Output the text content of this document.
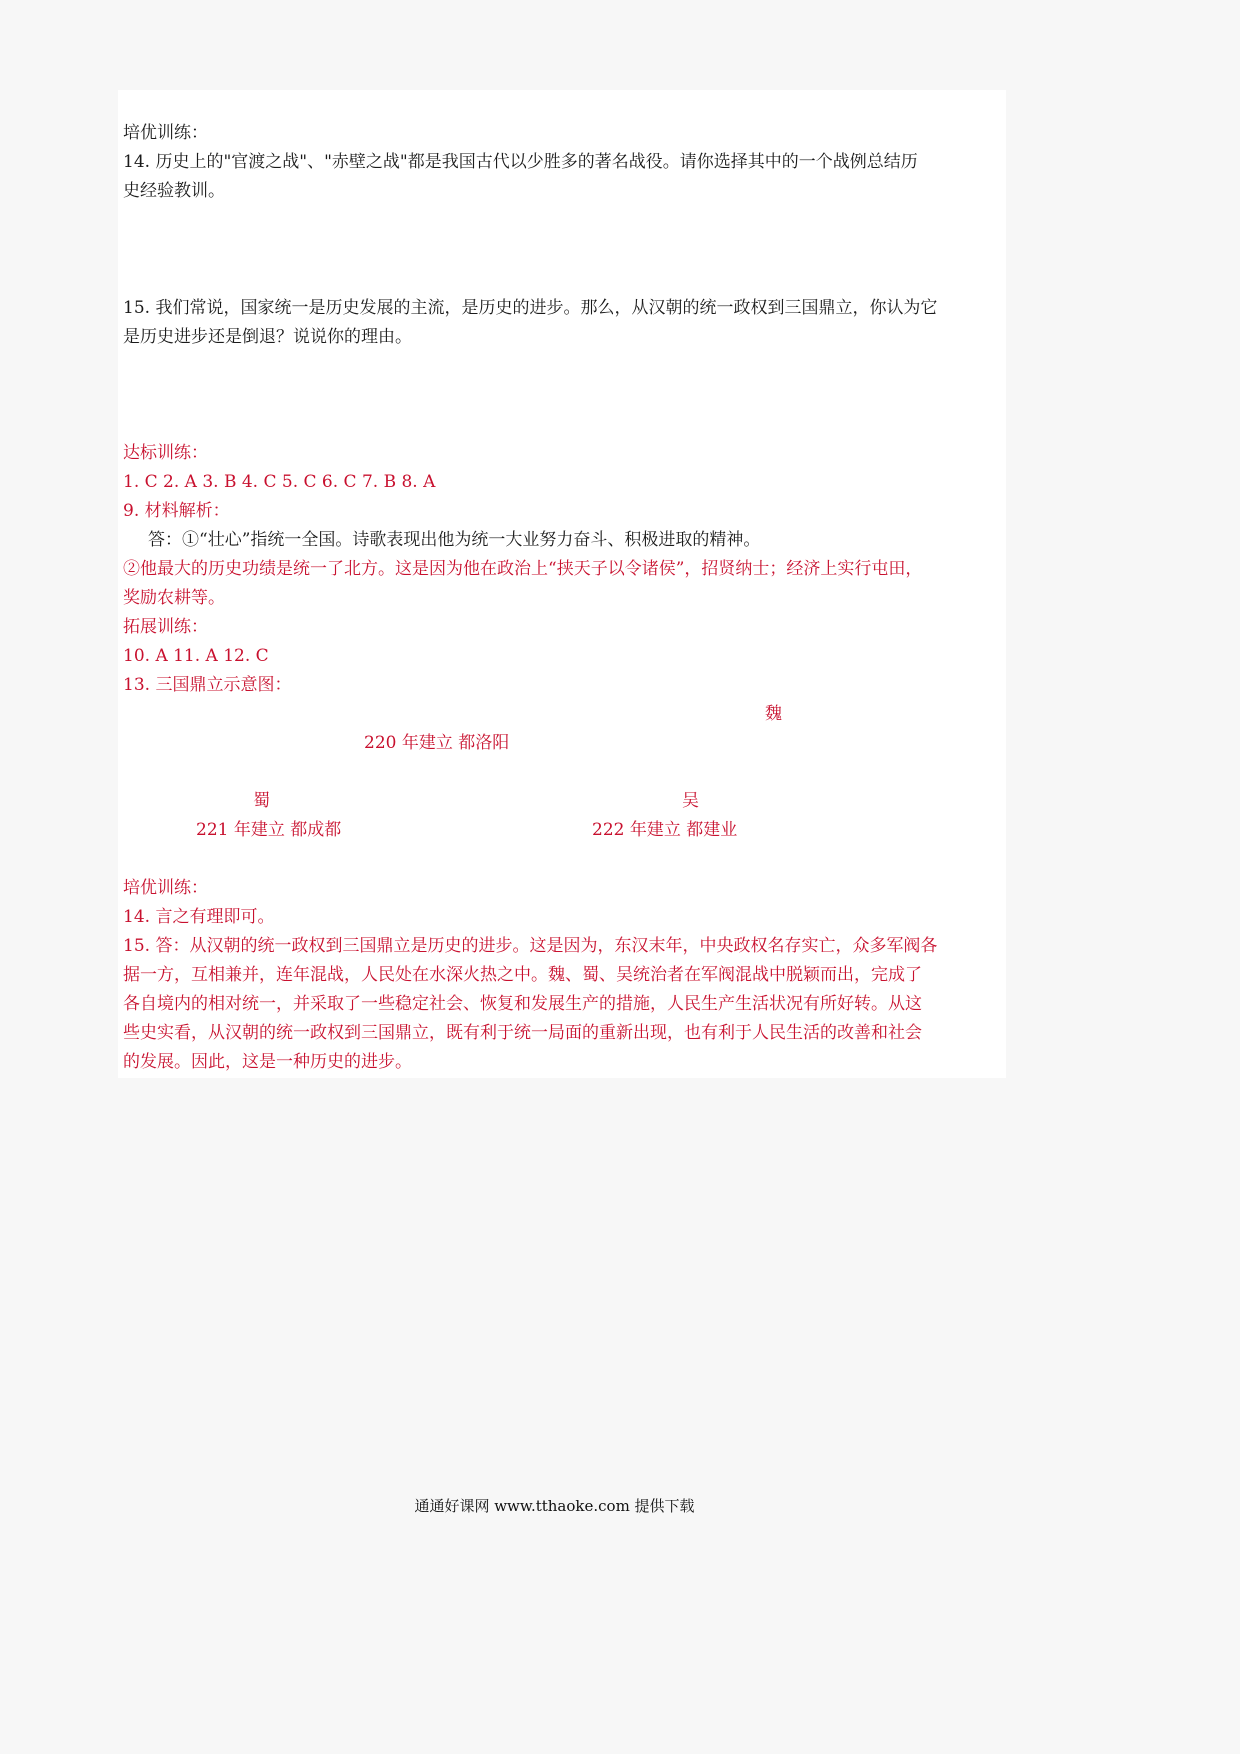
培优训练：
14. 历史上的"官渡之战"、"赤壁之战"都是我国古代以少胜多的著名战役。请你选择其中的一个战例总结历
史经验教训。
15. 我们常说，国家统一是历史发展的主流，是历史的进步。那么，从汉朝的统一政权到三国鼎立，你认为它
是历史进步还是倒退？说说你的理由。
达标训练：
1. C 2. A 3. B 4. C 5. C 6. C 7. B 8. A
9. 材料解析：
答：①“壮心”指统一全国。诗歌表现出他为统一大业努力奋斗、积极进取的精神。
②他最大的历史功绩是统一了北方。这是因为他在政治上“挟天子以令诸侯”，招贤纳士；经济上实行屯田，
奖励农耕等。
拓展训练：
10. A 11. A 12. C
13. 三国鼎立示意图：
魏
220 年建立 都洛阳
蜀	吴
221 年建立 都成都	222 年建立 都建业
培优训练：
14. 言之有理即可。
15. 答：从汉朝的统一政权到三国鼎立是历史的进步。这是因为，东汉末年，中央政权名存实亡，众多军阀各
据一方，互相兼并，连年混战，人民处在水深火热之中。魏、蜀、吴统治者在军阀混战中脱颖而出，完成了
各自境内的相对统一，并采取了一些稳定社会、恢复和发展生产的措施，人民生产生活状况有所好转。从这
些史实看，从汉朝的统一政权到三国鼎立，既有利于统一局面的重新出现，也有利于人民生活的改善和社会
的发展。因此，这是一种历史的进步。
通通好课网 www.tthaoke.com 提供下载
